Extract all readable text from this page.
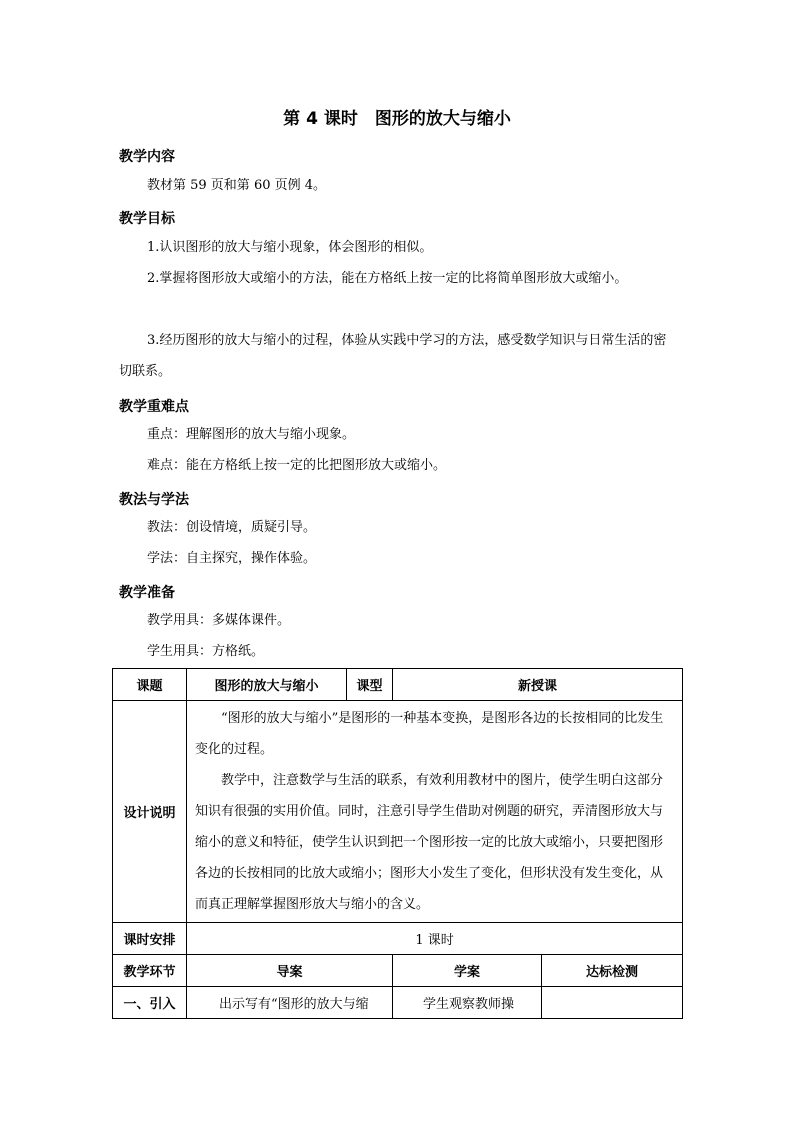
第 4 课时　图形的放大与缩小
教学内容
教材第 59 页和第 60 页例 4。
教学目标
1.认识图形的放大与缩小现象，体会图形的相似。
2.掌握将图形放大或缩小的方法，能在方格纸上按一定的比将简单图形放大或缩小。
3.经历图形的放大与缩小的过程，体验从实践中学习的方法，感受数学知识与日常生活的密切联系。
教学重难点
重点：理解图形的放大与缩小现象。
难点：能在方格纸上按一定的比把图形放大或缩小。
教法与学法
教法：创设情境，质疑引导。
学法：自主探究，操作体验。
教学准备
教学用具：多媒体课件。
学生用具：方格纸。
课题	图形的放大与缩小	课型	新授课	
设计说明	“图形的放大与缩小”是图形的一种基本变换，是图形各边的长按相同的比发生变化的过程。

教学中，注意数学与生活的联系，有效利用教材中的图片，使学生明白这部分知识有很强的实用价值。同时，注意引导学生借助对例题的研究，弄清图形放大与缩小的意义和特征，使学生认识到把一个图形按一定的比放大或缩小，只要把图形各边的长按相同的比放大或缩小；图形大小发生了变化，但形状没有发生变化，从而真正理解掌握图形放大与缩小的含义。			

课时安排	1 课时			
教学环节	导案		学案	达标检测
一、引入	出示写有“图形的放大与缩		学生观察教师操	
